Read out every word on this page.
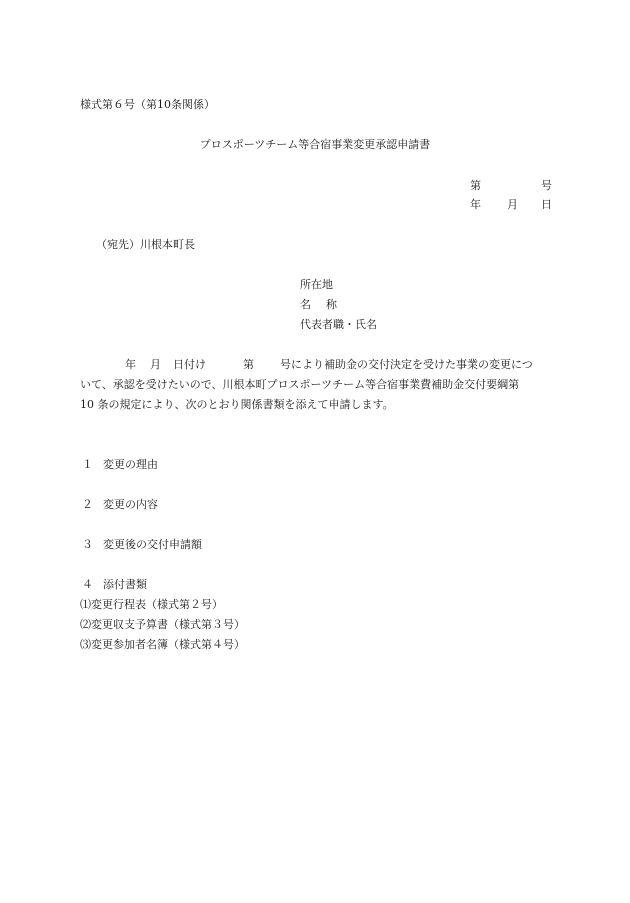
様式第６号（第10条関係）
プロスポーツチーム等合宿事業変更承認申請書
第	号
年 月 日
（宛先）川根本町長
所在地
名 称
代表者職・氏名
年 月 日付け	第 号により補助金の交付決定を受けた事業の変更につ
いて、承認を受けたいので、川根本町プロスポーツチーム等合宿事業費補助金交付要綱第
10 条の規定により、次のとおり関係書類を添えて申請します。
１ 変更の理由
２ 変更の内容
３ 変更後の交付申請額
４ 添付書類
⑴変更行程表（様式第２号）
⑵変更収支予算書（様式第３号）
⑶変更参加者名簿（様式第４号）
